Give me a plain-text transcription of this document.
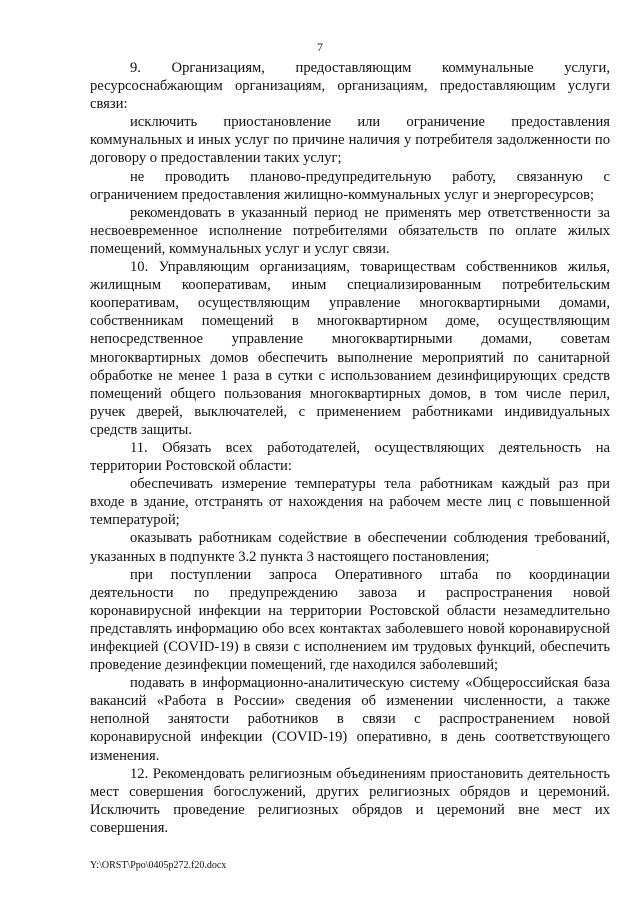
7

9. Организациям, предоставляющим коммунальные услуги, ресурсоснабжающим организациям, организациям, предоставляющим услуги связи:

исключить приостановление или ограничение предоставления коммунальных и иных услуг по причине наличия у потребителя задолженности по договору о предоставлении таких услуг;

не проводить планово-предупредительную работу, связанную с ограничением предоставления жилищно-коммунальных услуг и энергоресурсов;

рекомендовать в указанный период не применять мер ответственности за несвоевременное исполнение потребителями обязательств по оплате жилых помещений, коммунальных услуг и услуг связи.

10. Управляющим организациям, товариществам собственников жилья, жилищным кооперативам, иным специализированным потребительским кооперативам, осуществляющим управление многоквартирными домами, собственникам помещений в многоквартирном доме, осуществляющим непосредственное управление многоквартирными домами, советам многоквартирных домов обеспечить выполнение мероприятий по санитарной обработке не менее 1 раза в сутки с использованием дезинфицирующих средств помещений общего пользования многоквартирных домов, в том числе перил, ручек дверей, выключателей, с применением работниками индивидуальных средств защиты.

11. Обязать всех работодателей, осуществляющих деятельность на территории Ростовской области:

обеспечивать измерение температуры тела работникам каждый раз при входе в здание, отстранять от нахождения на рабочем месте лиц с повышенной температурой;

оказывать работникам содействие в обеспечении соблюдения требований, указанных в подпункте 3.2 пункта 3 настоящего постановления;

при поступлении запроса Оперативного штаба по координации деятельности по предупреждению завоза и распространения новой коронавирусной инфекции на территории Ростовской области незамедлительно представлять информацию обо всех контактах заболевшего новой коронавирусной инфекцией (COVID-19) в связи с исполнением им трудовых функций, обеспечить проведение дезинфекции помещений, где находился заболевший;

подавать в информационно-аналитическую систему «Общероссийская база вакансий «Работа в России» сведения об изменении численности, а также неполной занятости работников в связи с распространением новой коронавирусной инфекции (COVID-19) оперативно, в день соответствующего изменения.

12. Рекомендовать религиозным объединениям приостановить деятельность мест совершения богослужений, других религиозных обрядов и церемоний. Исключить проведение религиозных обрядов и церемоний вне мест их совершения.

Y:\ORST\Ppo\0405p272.f20.docx
